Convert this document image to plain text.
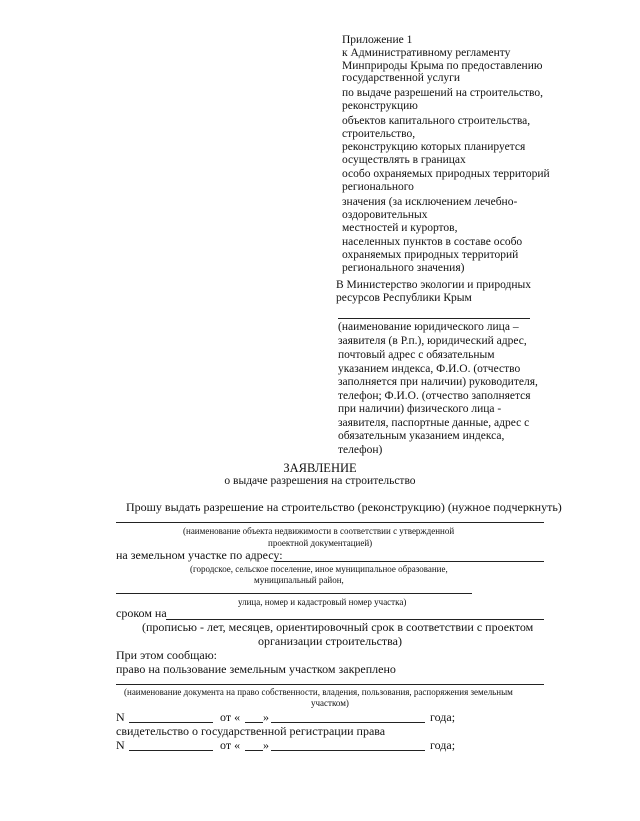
Приложение 1
к Административному регламенту
Минприроды Крыма по предоставлению
государственной услуги
по выдаче разрешений на строительство,
реконструкцию
объектов капитального строительства,
строительство,
реконструкцию которых планируется
осуществлять в границах
особо охраняемых природных территорий
регионального
значения (за исключением лечебно-
оздоровительных
местностей и курортов,
населенных пунктов в составе особо
охраняемых природных территорий
регионального значения)
В Министерство экологии и природных
ресурсов Республики Крым
(наименование юридического лица –
заявителя (в Р.п.), юридический адрес,
почтовый адрес с обязательным
указанием индекса, Ф.И.О. (отчество
заполняется при наличии) руководителя,
телефон; Ф.И.О. (отчество заполняется
при наличии) физического лица -
заявителя, паспортные данные, адрес с
обязательным указанием индекса,
телефон)
ЗАЯВЛЕНИЕ
о выдаче разрешения на строительство
Прошу выдать разрешение на строительство (реконструкцию) (нужное подчеркнуть)
(наименование объекта недвижимости в соответствии с утвержденной
проектной документацией)
на земельном участке по адресу:
(городское, сельское поселение, иное муниципальное образование,
муниципальный район,
улица, номер и кадастровый номер участка)
сроком на
(прописью - лет, месяцев, ориентировочный срок в соответствии с проектом
организации строительства)
При этом сообщаю:
право на пользование земельным участком закреплено
(наименование документа на право собственности, владения, пользования, распоряжения земельным
участком)
N	от « »	года;
свидетельство о государственной регистрации права
N	от « »	года;
